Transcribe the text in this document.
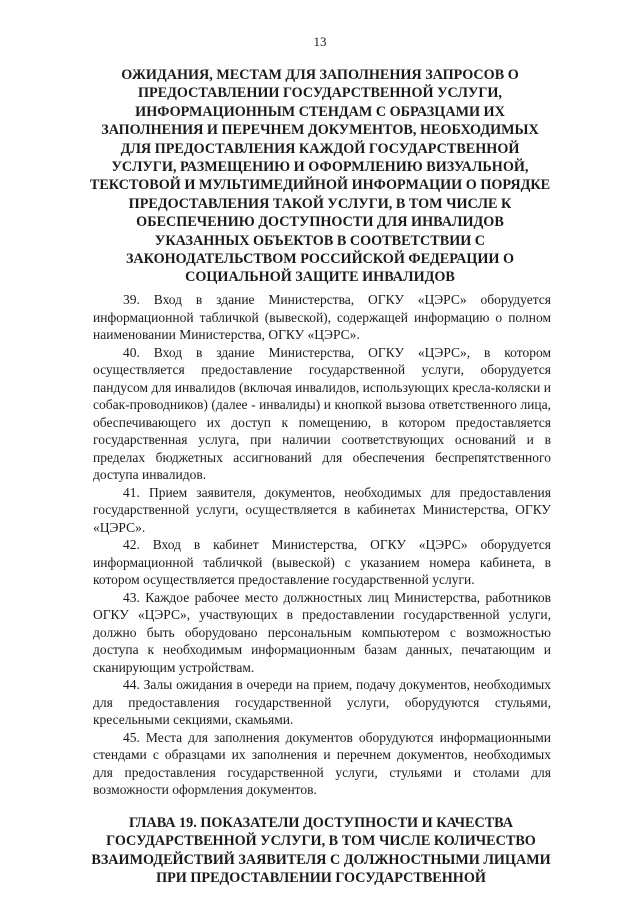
13
ОЖИДАНИЯ, МЕСТАМ ДЛЯ ЗАПОЛНЕНИЯ ЗАПРОСОВ О ПРЕДОСТАВЛЕНИИ ГОСУДАРСТВЕННОЙ УСЛУГИ, ИНФОРМАЦИОННЫМ СТЕНДАМ С ОБРАЗЦАМИ ИХ ЗАПОЛНЕНИЯ И ПЕРЕЧНЕМ ДОКУМЕНТОВ, НЕОБХОДИМЫХ ДЛЯ ПРЕДОСТАВЛЕНИЯ КАЖДОЙ ГОСУДАРСТВЕННОЙ УСЛУГИ, РАЗМЕЩЕНИЮ И ОФОРМЛЕНИЮ ВИЗУАЛЬНОЙ, ТЕКСТОВОЙ И МУЛЬТИМЕДИЙНОЙ ИНФОРМАЦИИ О ПОРЯДКЕ ПРЕДОСТАВЛЕНИЯ ТАКОЙ УСЛУГИ, В ТОМ ЧИСЛЕ К ОБЕСПЕЧЕНИЮ ДОСТУПНОСТИ ДЛЯ ИНВАЛИДОВ УКАЗАННЫХ ОБЪЕКТОВ В СООТВЕТСТВИИ С ЗАКОНОДАТЕЛЬСТВОМ РОССИЙСКОЙ ФЕДЕРАЦИИ О СОЦИАЛЬНОЙ ЗАЩИТЕ ИНВАЛИДОВ

39. Вход в здание Министерства, ОГКУ «ЦЭРС» оборудуется информационной табличкой (вывеской), содержащей информацию о полном наименовании Министерства, ОГКУ «ЦЭРС».

40. Вход в здание Министерства, ОГКУ «ЦЭРС», в котором осуществляется предоставление государственной услуги, оборудуется пандусом для инвалидов (включая инвалидов, использующих кресла-коляски и собак-проводников) (далее - инвалиды) и кнопкой вызова ответственного лица, обеспечивающего их доступ к помещению, в котором предоставляется государственная услуга, при наличии соответствующих оснований и в пределах бюджетных ассигнований для обеспечения беспрепятственного доступа инвалидов.

41. Прием заявителя, документов, необходимых для предоставления государственной услуги, осуществляется в кабинетах Министерства, ОГКУ «ЦЭРС».

42. Вход в кабинет Министерства, ОГКУ «ЦЭРС» оборудуется информационной табличкой (вывеской) с указанием номера кабинета, в котором осуществляется предоставление государственной услуги.

43. Каждое рабочее место должностных лиц Министерства, работников ОГКУ «ЦЭРС», участвующих в предоставлении государственной услуги, должно быть оборудовано персональным компьютером с возможностью доступа к необходимым информационным базам данных, печатающим и сканирующим устройствам.

44. Залы ожидания в очереди на прием, подачу документов, необходимых для предоставления государственной услуги, оборудуются стульями, кресельными секциями, скамьями.

45. Места для заполнения документов оборудуются информационными стендами с образцами их заполнения и перечнем документов, необходимых для предоставления государственной услуги, стульями и столами для возможности оформления документов.

ГЛАВА 19. ПОКАЗАТЕЛИ ДОСТУПНОСТИ И КАЧЕСТВА ГОСУДАРСТВЕННОЙ УСЛУГИ, В ТОМ ЧИСЛЕ КОЛИЧЕСТВО ВЗАИМОДЕЙСТВИЙ ЗАЯВИТЕЛЯ С ДОЛЖНОСТНЫМИ ЛИЦАМИ ПРИ ПРЕДОСТАВЛЕНИИ ГОСУДАРСТВЕННОЙ
